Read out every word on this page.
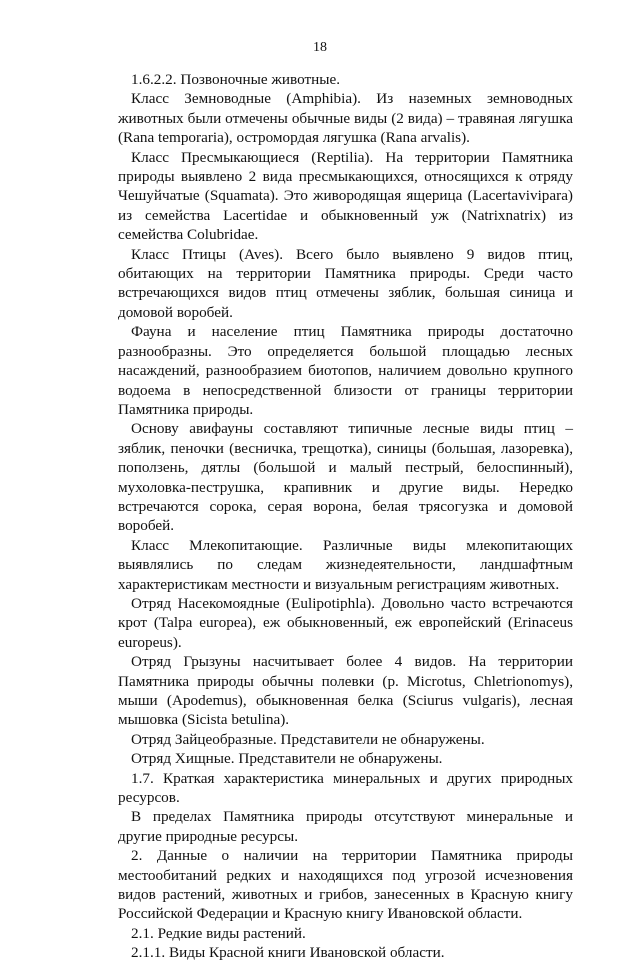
18

1.6.2.2. Позвоночные животные.

Класс Земноводные (Amphibia). Из наземных земноводных животных были отмечены обычные виды (2 вида) – травяная лягушка (Rana temporaria), остромордая лягушка (Rana arvalis).

Класс Пресмыкающиеся (Reptilia). На территории Памятника природы выявлено 2 вида пресмыкающихся, относящихся к отряду Чешуйчатые (Squamata). Это живородящая ящерица (Lacertavivipara) из семейства Lacertidae и обыкновенный уж (Natrixnatrix) из семейства Colubridae.

Класс Птицы (Aves). Всего было выявлено 9 видов птиц, обитающих на территории Памятника природы. Среди часто встречающихся видов птиц отмечены зяблик, большая синица и домовой воробей.

Фауна и население птиц Памятника природы достаточно разнообразны. Это определяется большой площадью лесных насаждений, разнообразием биотопов, наличием довольно крупного водоема в непосредственной близости от границы территории Памятника природы.

Основу авифауны составляют типичные лесные виды птиц – зяблик, пеночки (весничка, трещотка), синицы (большая, лазоревка), поползень, дятлы (большой и малый пестрый, белоспинный), мухоловка-пеструшка, крапивник и другие виды. Нередко встречаются сорока, серая ворона, белая трясогузка и домовой воробей.

Класс Млекопитающие. Различные виды млекопитающих выявлялись по следам жизнедеятельности, ландшафтным характеристикам местности и визуальным регистрациям животных.

Отряд Насекомоядные (Eulipotiphla). Довольно часто встречаются крот (Talpa europea), еж обыкновенный, еж европейский (Erinaceus europeus).

Отряд Грызуны насчитывает более 4 видов. На территории Памятника природы обычны полевки (р. Microtus, Chletrionomys), мыши (Apodemus), обыкновенная белка (Sciurus vulgaris), лесная мышовка (Sicista betulina).

Отряд Зайцеобразные. Представители не обнаружены.

Отряд Хищные. Представители не обнаружены.

1.7. Краткая характеристика минеральных и других природных ресурсов.

В пределах Памятника природы отсутствуют минеральные и другие природные ресурсы.

2. Данные о наличии на территории Памятника природы местообитаний редких и находящихся под угрозой исчезновения видов растений, животных и грибов, занесенных в Красную книгу Российской Федерации и Красную книгу Ивановской области.

2.1. Редкие виды растений.

2.1.1. Виды Красной книги Ивановской области.
